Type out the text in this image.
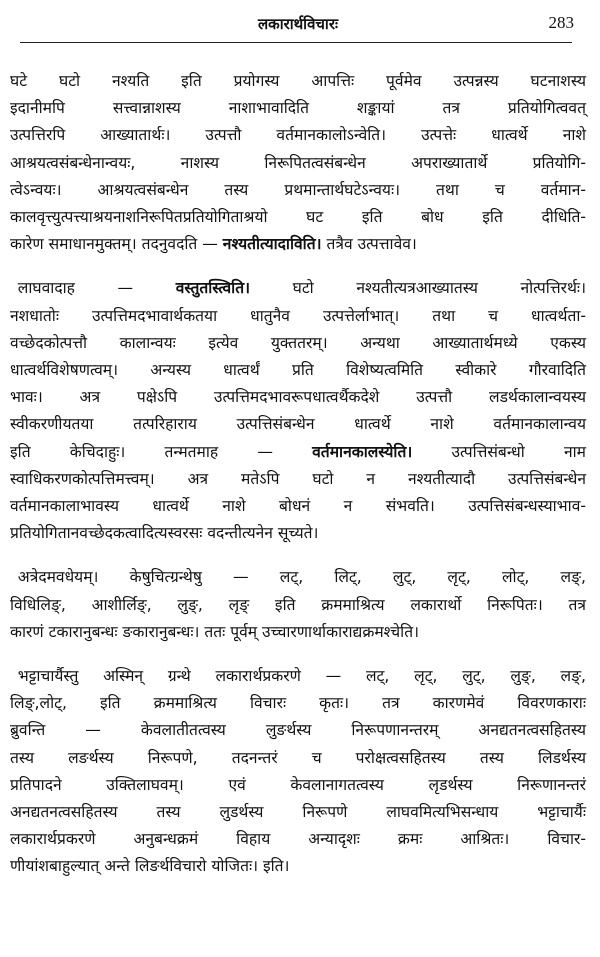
लकारार्थविचारः	283
घटे घटो नश्यति इति प्रयोगस्य आपत्तिः पूर्वमेव उत्पन्नस्य घटनाशस्य
इदानीमपि सत्त्वान्नाशस्य नाशाभावादिति शङ्कायां तत्र प्रतियोगित्ववत्
उत्पत्तिरपि आख्यातार्थः। उत्पत्तौ वर्तमानकालोऽन्वेति। उत्पत्तेः धात्वर्थे नाशे
आश्रयत्वसंबन्धेनान्वयः, नाशस्य निरूपितत्वसंबन्धेन अपराख्यातार्थे प्रतियोगि-
त्वेऽन्वयः। आश्रयत्वसंबन्धेन तस्य प्रथमान्तार्थघटेऽन्वयः। तथा च वर्तमान-
कालवृत्त्युत्पत्त्याश्रयनाशनिरूपितप्रतियोगिताश्रयो घट इति बोध इति दीधिति-
कारेण समाधानमुक्तम्। तदनुवदति — नश्यतीत्यादाविति। तत्रैव उत्पत्तावेव।
लाघवादाह —	वस्तुतस्त्विति।	घटो नश्यतीत्यत्रआख्यातस्य नोत्पत्तिरर्थः।
नशधातोः उत्पत्तिमदभावार्थकतया धातुनैव उत्पत्तेर्लाभात्। तथा च धात्वर्थता-
वच्छेदकोत्पत्तौ कालान्वयः इत्येव युक्ततरम्। अन्यथा आख्यातार्थमध्ये एकस्य
धात्वर्थविशेषणत्वम्। अन्यस्य धात्वर्थं प्रति विशेष्यत्वमिति स्वीकारे गौरवादिति
भावः। अत्र पक्षेऽपि उत्पत्तिमदभावरूपधात्वर्थैकदेशे उत्पत्तौ लडर्थकालान्वयस्य
स्वीकरणीयतया तत्परिहाराय उत्पत्तिसंबन्धेन धात्वर्थे नाशे वर्तमानकालान्वय
इति केचिदाहुः। तन्मतमाह —	वर्तमानकालस्येति।	उत्पत्तिसंबन्धो नाम
स्वाधिकरणकोत्पत्तिमत्त्वम्। अत्र मतेऽपि घटो न नश्यतीत्यादौ उत्पत्तिसंबन्धेन
वर्तमानकालाभावस्य धात्वर्थे नाशे बोधनं न संभवति। उत्पत्तिसंबन्धस्याभाव-
प्रतियोगितानवच्छेदकत्वादित्यस्वरसः वदन्तीत्यनेन सूच्यते।
अत्रेदमवधेयम्। केषुचित्ग्रन्थेषु — लट्, लिट्, लुट्, लृट्, लोट्, लङ्,
विधिलिङ्, आशीर्लिङ्, लुङ्, लृङ् इति क्रममाश्रित्य लकारार्थो निरूपितः। तत्र
कारणं टकारानुबन्धः ङकारानुबन्धः। ततः पूर्वम् उच्चारणार्थाकाराद्यक्रमश्चेति।
भट्टाचार्यैस्तु अस्मिन् ग्रन्थे लकारार्थप्रकरणे — लट्, लृट्, लुट्, लुङ्, लङ्,
लिङ्,लोट्, इति क्रममाश्रित्य विचारः कृतः। तत्र कारणमेवं विवरणकाराः
ब्रुवन्ति — केवलातीतत्वस्य लुङर्थस्य निरूपणानन्तरम् अनद्यतनत्वसहितस्य
तस्य लङर्थस्य निरूपणे, तदनन्तरं च परोक्षत्वसहितस्य तस्य लिडर्थस्य
प्रतिपादने उक्तिलाघवम्। एवं केवलानागतत्वस्य लृडर्थस्य निरूणानन्तरं
अनद्यतनत्वसहितस्य तस्य लुडर्थस्य निरूपणे लाघवमित्यभिसन्धाय भट्टाचार्यैः
लकारार्थप्रकरणे अनुबन्धक्रमं विहाय अन्यादृशः क्रमः आश्रितः। विचार-
णीयांशबाहुल्यात् अन्ते लिङर्थविचारो योजितः। इति।
